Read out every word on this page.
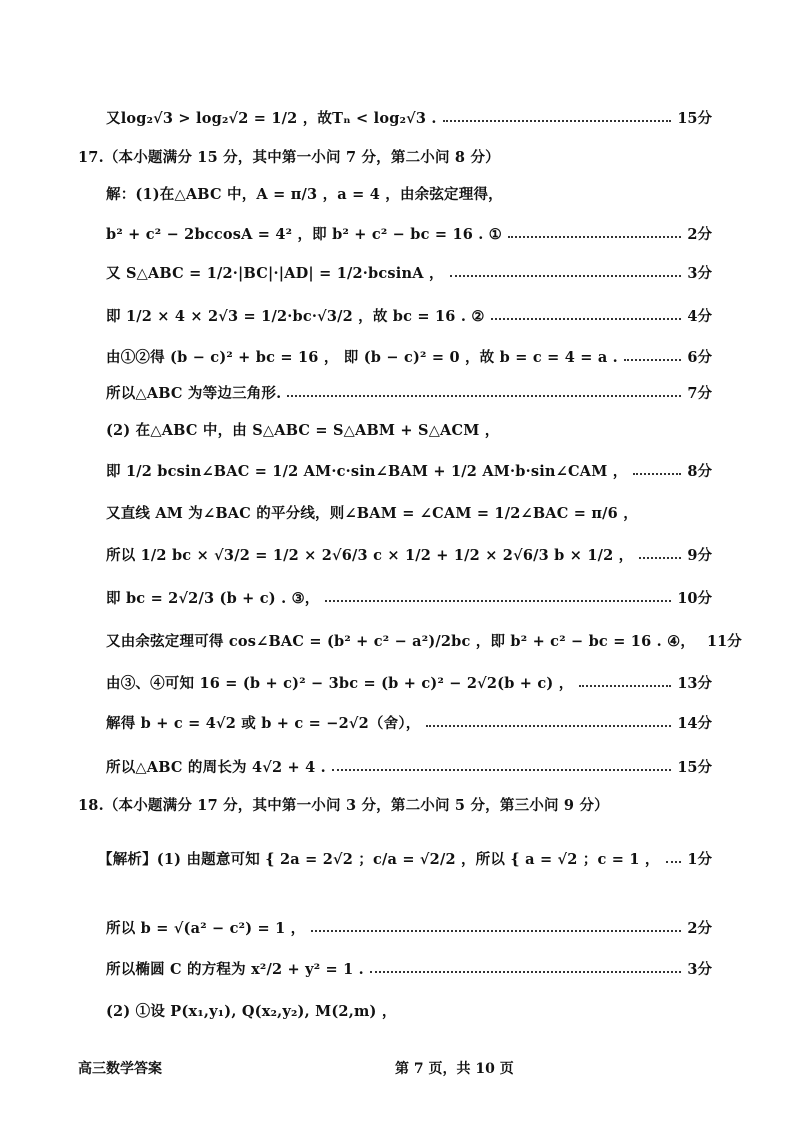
又log₂√3 > log₂√2 = 1/2 ，故Tₙ < log₂√3 .	15分
17.（本小题满分 15 分，其中第一小问 7 分，第二小问 8 分）
解：(1)在△ABC 中，A = π/3 ，a = 4 ，由余弦定理得，
b² + c² − 2bccosA = 4² ，即 b² + c² − bc = 16 . ①	2分
又 S△ABC = 1/2·|BC|·|AD| = 1/2·bcsinA ，	3分
即 1/2 × 4 × 2√3 = 1/2·bc·√3/2 ，故 bc = 16 . ②	4分
由①②得 (b − c)² + bc = 16 ， 即 (b − c)² = 0 ，故 b = c = 4 = a .	6分
所以△ABC 为等边三角形.	7分
(2) 在△ABC 中，由 S△ABC = S△ABM + S△ACM ，
即 1/2 bcsin∠BAC = 1/2 AM·c·sin∠BAM + 1/2 AM·b·sin∠CAM ，	8分
又直线 AM 为∠BAC 的平分线，则∠BAM = ∠CAM = 1/2∠BAC = π/6 ，
所以 1/2 bc × √3/2 = 1/2 × 2√6/3 c × 1/2 + 1/2 × 2√6/3 b × 1/2 ，	9分
即 bc = 2√2/3 (b + c) . ③，	10分
又由余弦定理可得 cos∠BAC = (b² + c² − a²)/2bc ，即 b² + c² − bc = 16 . ④， 11分
由③、④可知 16 = (b + c)² − 3bc = (b + c)² − 2√2(b + c) ，	13分
解得 b + c = 4√2 或 b + c = −2√2（舍），	14分
所以△ABC 的周长为 4√2 + 4 .	15分
18.（本小题满分 17 分，其中第一小问 3 分，第二小问 5 分，第三小问 9 分）
【解析】(1) 由题意可知 { 2a = 2√2 ；c/a = √2/2 ，所以 { a = √2 ；c = 1 ， 1分
所以 b = √(a² − c²) = 1 ，	2分
所以椭圆 C 的方程为 x²/2 + y² = 1 .	3分
(2) ①设 P(x₁,y₁), Q(x₂,y₂), M(2,m) ，
高三数学答案	第 7 页，共 10 页
